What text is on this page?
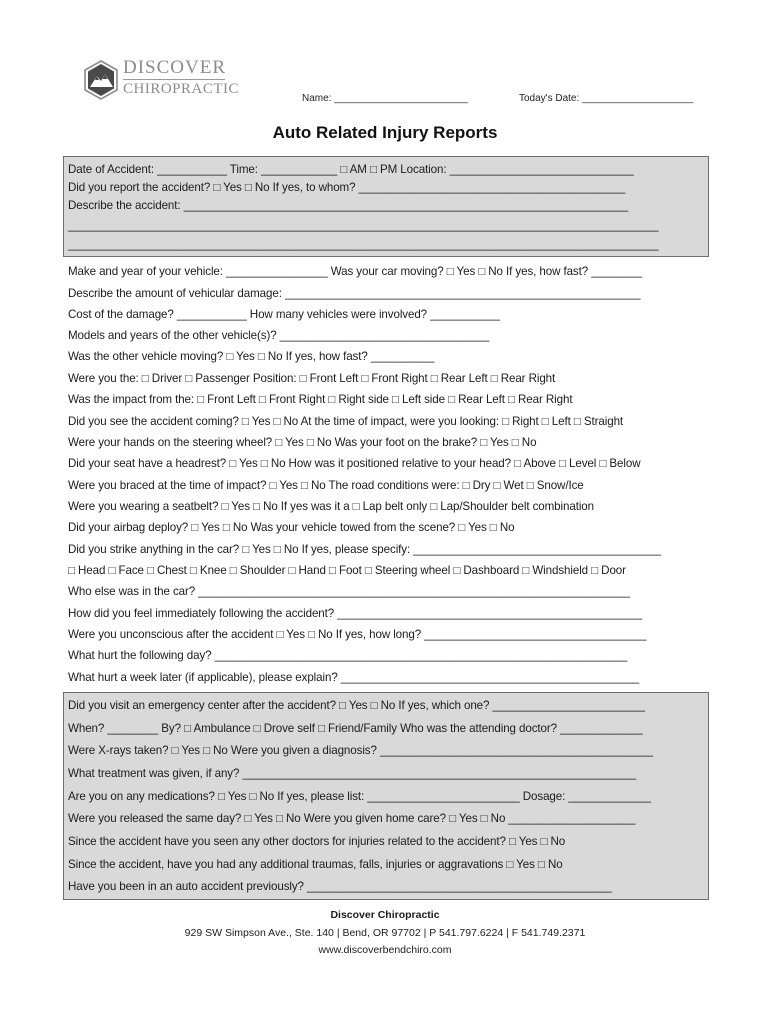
DISCOVER
CHIROPRACTIC
Name: ________________________	Today's Date: ____________________
Auto Related Injury Reports
Date of Accident: ___________ Time: ____________ □ AM □ PM Location: _____________________________
Did you report the accident? □ Yes □ No If yes, to whom? __________________________________________
Describe the accident: ______________________________________________________________________
_____________________________________________________________________________________________
_____________________________________________________________________________________________
Make and year of your vehicle: ________________ Was your car moving? □ Yes □ No If yes, how fast? ________
Describe the amount of vehicular damage: ________________________________________________________
Cost of the damage? ___________ How many vehicles were involved? ___________
Models and years of the other vehicle(s)? _________________________________
Was the other vehicle moving? □ Yes □ No If yes, how fast? __________
Were you the: □ Driver □ Passenger Position: □ Front Left □ Front Right □ Rear Left □ Rear Right
Was the impact from the: □ Front Left □ Front Right □ Right side □ Left side □ Rear Left □ Rear Right
Did you see the accident coming? □ Yes □ No At the time of impact, were you looking: □ Right □ Left □ Straight
Were your hands on the steering wheel? □ Yes □ No Was your foot on the brake? □ Yes □ No
Did your seat have a headrest? □ Yes □ No How was it positioned relative to your head? □ Above □ Level □ Below
Were you braced at the time of impact? □ Yes □ No The road conditions were: □ Dry □ Wet □ Snow/Ice
Were you wearing a seatbelt? □ Yes □ No If yes was it a □ Lap belt only □ Lap/Shoulder belt combination
Did your airbag deploy? □ Yes □ No Was your vehicle towed from the scene? □ Yes □ No
Did you strike anything in the car? □ Yes □ No If yes, please specify: _______________________________________
□ Head □ Face □ Chest □ Knee □ Shoulder □ Hand □ Foot □ Steering wheel □ Dashboard □ Windshield □ Door
Who else was in the car? ____________________________________________________________________
How did you feel immediately following the accident? ________________________________________________
Were you unconscious after the accident □ Yes □ No If yes, how long? ___________________________________
What hurt the following day? _________________________________________________________________
What hurt a week later (if applicable), please explain? _______________________________________________
Did you visit an emergency center after the accident? □ Yes □ No If yes, which one? ________________________
When? ________ By? □ Ambulance □ Drove self □ Friend/Family Who was the attending doctor? _____________
Were X-rays taken? □ Yes □ No Were you given a diagnosis? ___________________________________________
What treatment was given, if any? ______________________________________________________________
Are you on any medications? □ Yes □ No If yes, please list: ________________________ Dosage: _____________
Were you released the same day? □ Yes □ No Were you given home care? □ Yes □ No ____________________
Since the accident have you seen any other doctors for injuries related to the accident? □ Yes □ No
Since the accident, have you had any additional traumas, falls, injuries or aggravations □ Yes □ No
Have you been in an auto accident previously? ________________________________________________
Discover Chiropractic
929 SW Simpson Ave., Ste. 140 | Bend, OR 97702 | P 541.797.6224 | F 541.749.2371
www.discoverbendchiro.com
